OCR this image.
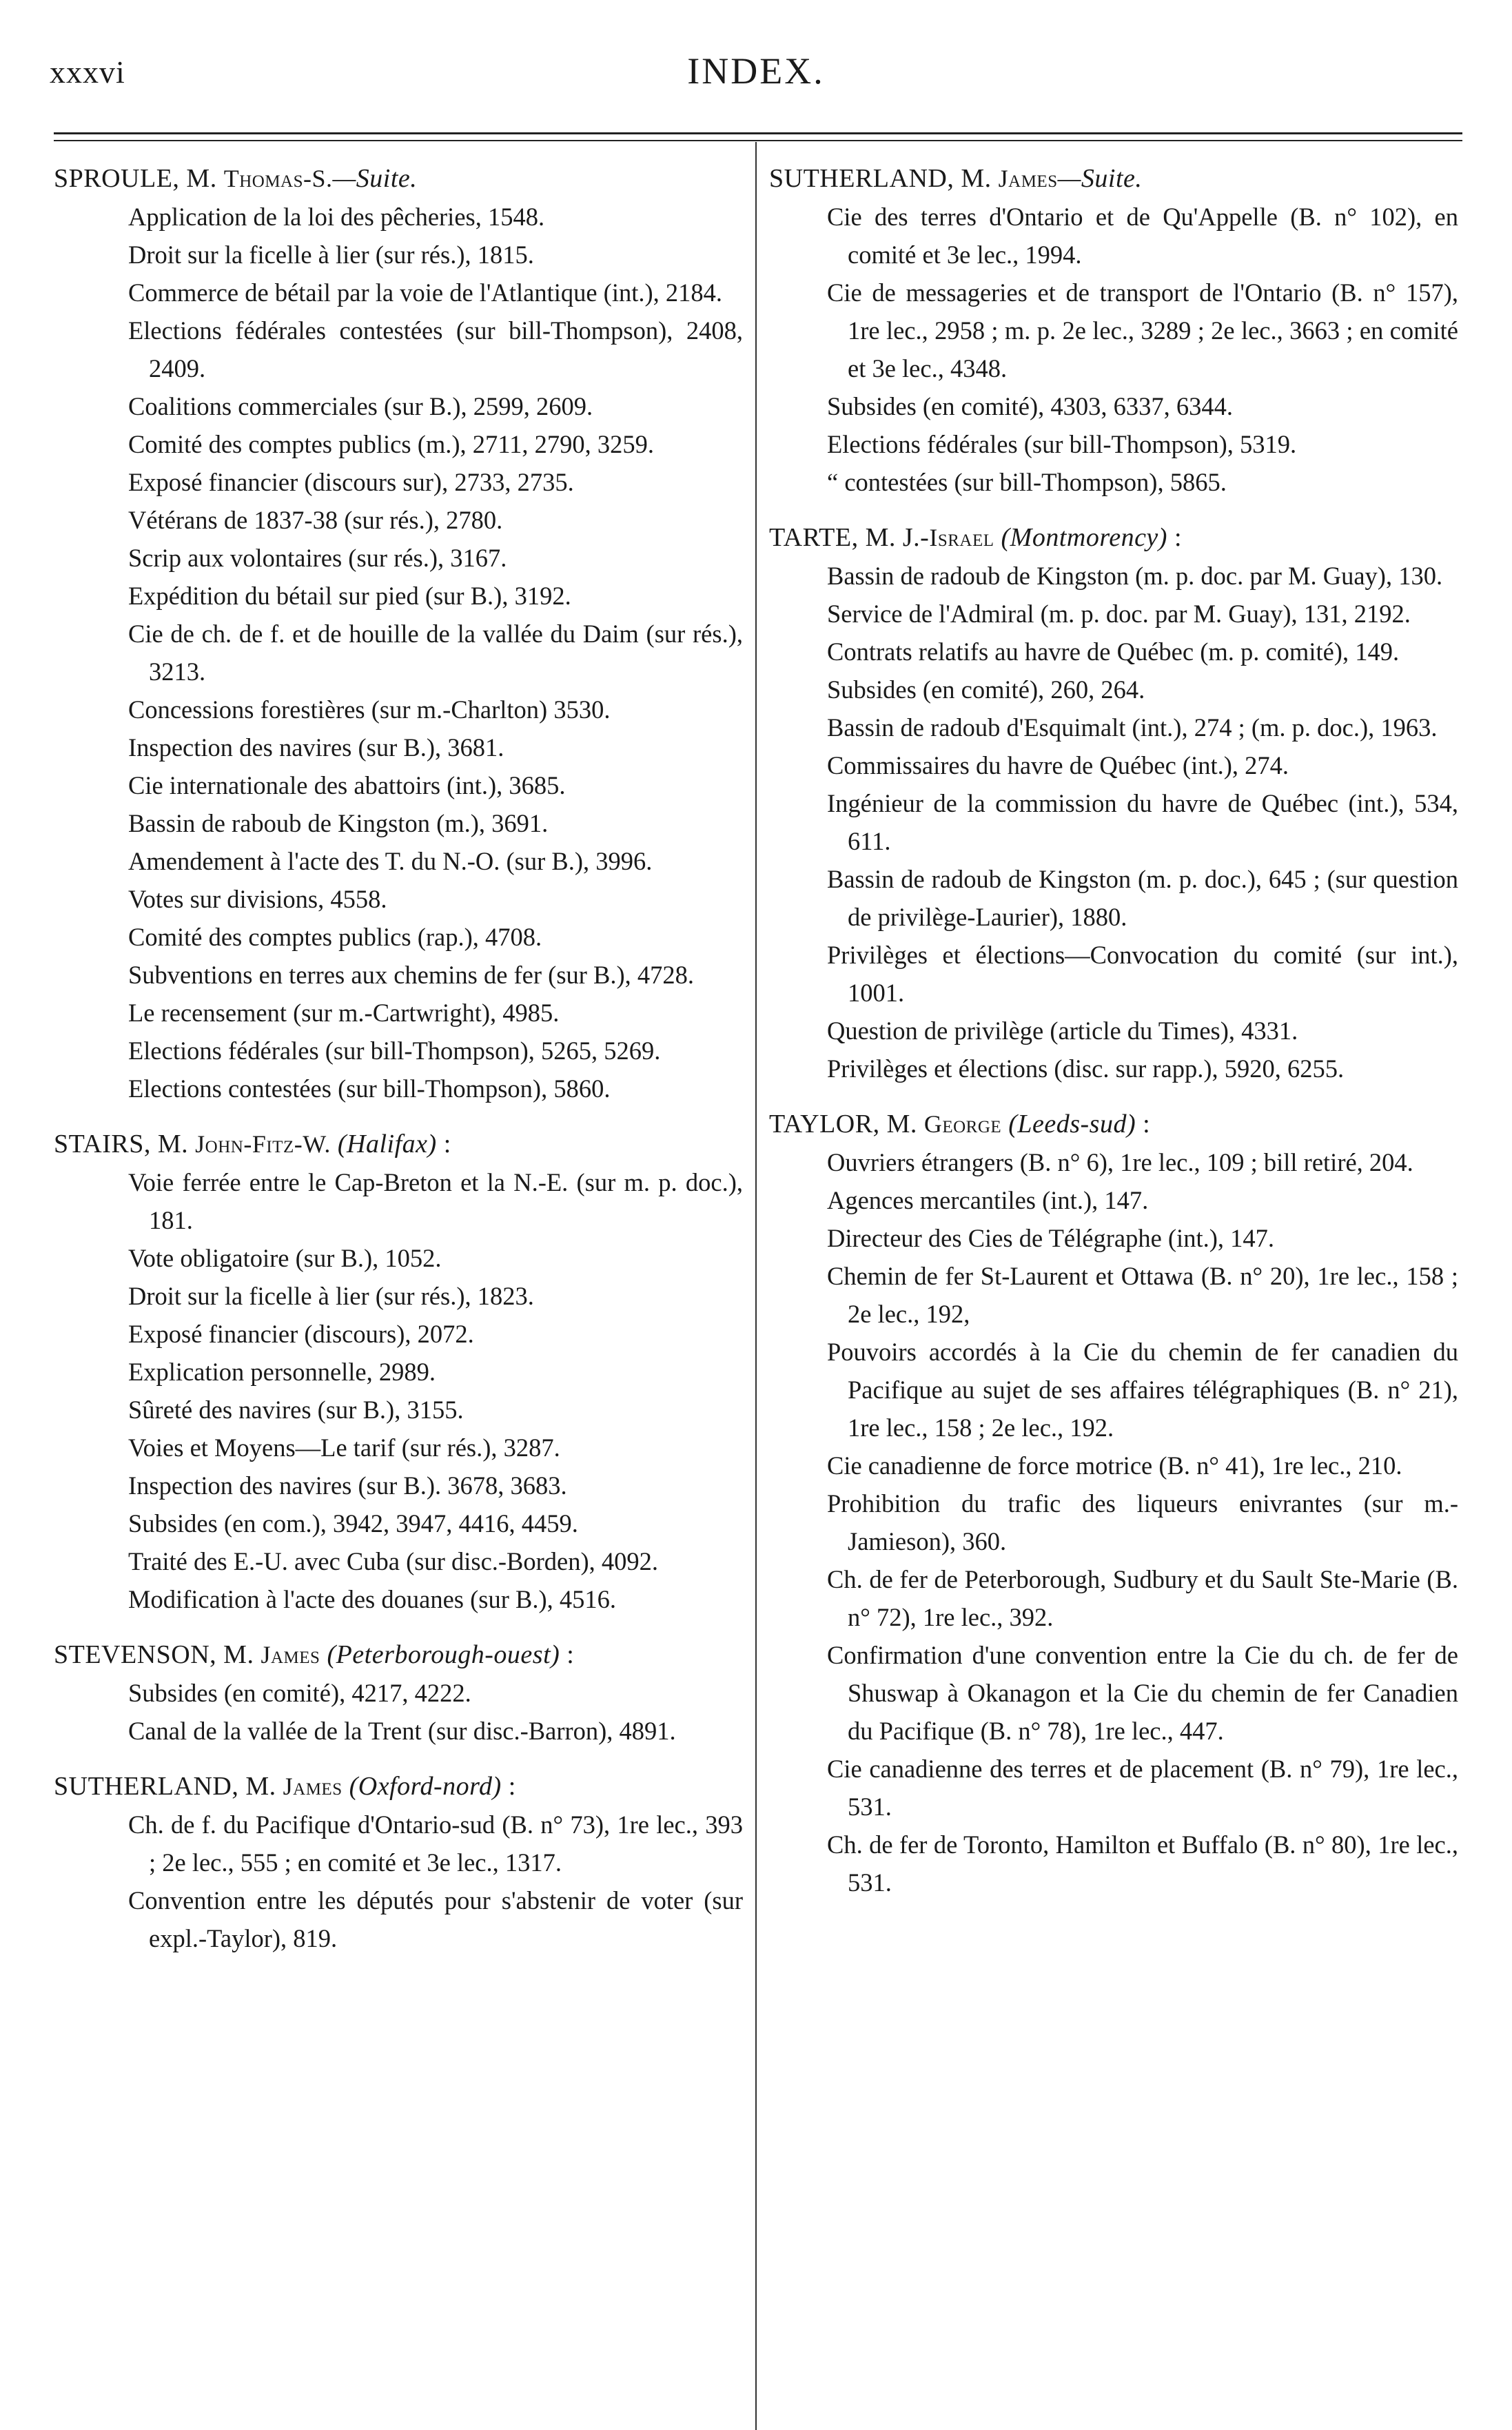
xxxvi	INDEX.
SPROULE, M. Thomas-S.—Suite.
Application de la loi des pêcheries, 1548.
Droit sur la ficelle à lier (sur rés.), 1815.
Commerce de bétail par la voie de l'Atlantique (int.), 2184.
Elections fédérales contestées (sur bill-Thompson), 2408, 2409.
Coalitions commerciales (sur B.), 2599, 2609.
Comité des comptes publics (m.), 2711, 2790, 3259.
Exposé financier (discours sur), 2733, 2735.
Vétérans de 1837-38 (sur rés.), 2780.
Scrip aux volontaires (sur rés.), 3167.
Expédition du bétail sur pied (sur B.), 3192.
Cie de ch. de f. et de houille de la vallée du Daim (sur rés.), 3213.
Concessions forestières (sur m.-Charlton) 3530.
Inspection des navires (sur B.), 3681.
Cie internationale des abattoirs (int.), 3685.
Bassin de raboub de Kingston (m.), 3691.
Amendement à l'acte des T. du N.-O. (sur B.), 3996.
Votes sur divisions, 4558.
Comité des comptes publics (rap.), 4708.
Subventions en terres aux chemins de fer (sur B.), 4728.
Le recensement (sur m.-Cartwright), 4985.
Elections fédérales (sur bill-Thompson), 5265, 5269.
Elections contestées (sur bill-Thompson), 5860.
STAIRS, M. John-Fitz-W. (Halifax) :
Voie ferrée entre le Cap-Breton et la N.-E. (sur m. p. doc.), 181.
Vote obligatoire (sur B.), 1052.
Droit sur la ficelle à lier (sur rés.), 1823.
Exposé financier (discours), 2072.
Explication personnelle, 2989.
Sûreté des navires (sur B.), 3155.
Voies et Moyens—Le tarif (sur rés.), 3287.
Inspection des navires (sur B.). 3678, 3683.
Subsides (en com.), 3942, 3947, 4416, 4459.
Traité des E.-U. avec Cuba (sur disc.-Borden), 4092.
Modification à l'acte des douanes (sur B.), 4516.
STEVENSON, M. James (Peterborough-ouest) :
Subsides (en comité), 4217, 4222.
Canal de la vallée de la Trent (sur disc.-Barron), 4891.
SUTHERLAND, M. James (Oxford-nord) :
Ch. de f. du Pacifique d'Ontario-sud (B. n° 73), 1re lec., 393 ; 2e lec., 555 ; en comité et 3e lec., 1317.
Convention entre les députés pour s'abstenir de voter (sur expl.-Taylor), 819.
SUTHERLAND, M. James—Suite.
Cie des terres d'Ontario et de Qu'Appelle (B. n° 102), en comité et 3e lec., 1994.
Cie de messageries et de transport de l'Ontario (B. n° 157), 1re lec., 2958 ; m. p. 2e lec., 3289 ; 2e lec., 3663 ; en comité et 3e lec., 4348.
Subsides (en comité), 4303, 6337, 6344.
Elections fédérales (sur bill-Thompson), 5319.
“ contestées (sur bill-Thompson), 5865.
TARTE, M. J.-Israel (Montmorency) :
Bassin de radoub de Kingston (m. p. doc. par M. Guay), 130.
Service de l'Admiral (m. p. doc. par M. Guay), 131, 2192.
Contrats relatifs au havre de Québec (m. p. comité), 149.
Subsides (en comité), 260, 264.
Bassin de radoub d'Esquimalt (int.), 274 ; (m. p. doc.), 1963.
Commissaires du havre de Québec (int.), 274.
Ingénieur de la commission du havre de Québec (int.), 534, 611.
Bassin de radoub de Kingston (m. p. doc.), 645 ; (sur question de privilège-Laurier), 1880.
Privilèges et élections—Convocation du comité (sur int.), 1001.
Question de privilège (article du Times), 4331.
Privilèges et élections (disc. sur rapp.), 5920, 6255.
TAYLOR, M. George (Leeds-sud) :
Ouvriers étrangers (B. n° 6), 1re lec., 109 ; bill retiré, 204.
Agences mercantiles (int.), 147.
Directeur des Cies de Télégraphe (int.), 147.
Chemin de fer St-Laurent et Ottawa (B. n° 20), 1re lec., 158 ; 2e lec., 192,
Pouvoirs accordés à la Cie du chemin de fer canadien du Pacifique au sujet de ses affaires télégraphiques (B. n° 21), 1re lec., 158 ; 2e lec., 192.
Cie canadienne de force motrice (B. n° 41), 1re lec., 210.
Prohibition du trafic des liqueurs enivrantes (sur m.-Jamieson), 360.
Ch. de fer de Peterborough, Sudbury et du Sault Ste-Marie (B. n° 72), 1re lec., 392.
Confirmation d'une convention entre la Cie du ch. de fer de Shuswap à Okanagon et la Cie du chemin de fer Canadien du Pacifique (B. n° 78), 1re lec., 447.
Cie canadienne des terres et de placement (B. n° 79), 1re lec., 531.
Ch. de fer de Toronto, Hamilton et Buffalo (B. n° 80), 1re lec., 531.
